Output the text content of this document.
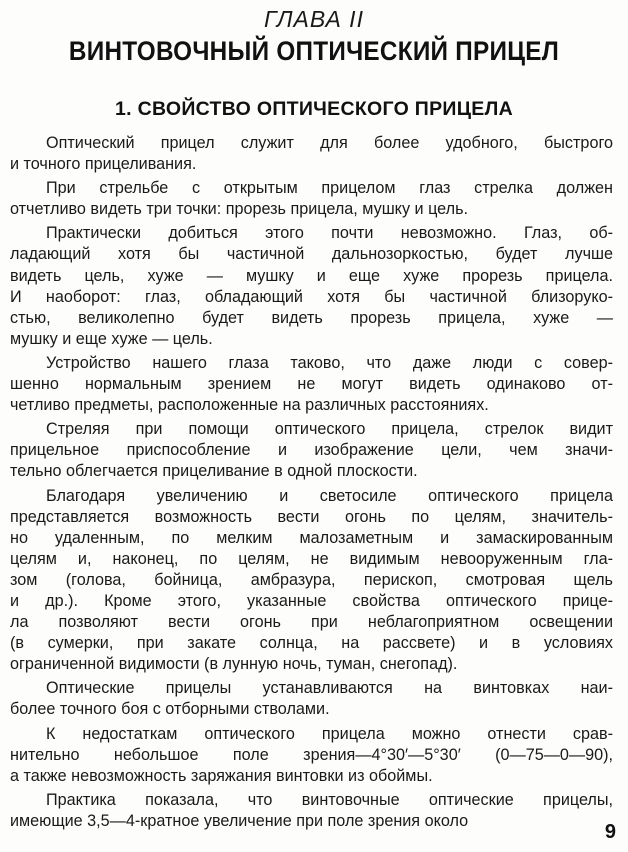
ГЛАВА II
ВИНТОВОЧНЫЙ ОПТИЧЕСКИЙ ПРИЦЕЛ
1. СВОЙСТВО ОПТИЧЕСКОГО ПРИЦЕЛА
Оптический прицел служит для более удобного, быстрого
и точного прицеливания.
При стрельбе с открытым прицелом глаз стрелка должен
отчетливо видеть три точки: прорезь прицела, мушку и цель.
Практически добиться этого почти невозможно. Глаз, об-
ладающий хотя бы частичной дальнозоркостью, будет лучше
видеть цель, хуже — мушку и еще хуже прорезь прицела.
И наоборот: глаз, обладающий хотя бы частичной близоруко-
стью, великолепно будет видеть прорезь прицела, хуже —
мушку и еще хуже — цель.
Устройство нашего глаза таково, что даже люди с совер-
шенно нормальным зрением не могут видеть одинаково от-
четливо предметы, расположенные на различных расстояниях.
Стреляя при помощи оптического прицела, стрелок видит
прицельное приспособление и изображение цели, чем значи-
тельно облегчается прицеливание в одной плоскости.
Благодаря увеличению и светосиле оптического прицела
представляется возможность вести огонь по целям, значитель-
но удаленным, по мелким малозаметным и замаскированным
целям и, наконец, по целям, не видимым невооруженным гла-
зом (голова, бойница, амбразура, перископ, смотровая щель
и др.). Кроме этого, указанные свойства оптического прице-
ла позволяют вести огонь при неблагоприятном освещении
(в сумерки, при закате солнца, на рассвете) и в условиях
ограниченной видимости (в лунную ночь, туман, снегопад).
Оптические прицелы устанавливаются на винтовках наи-
более точного боя с отборными стволами.
К недостаткам оптического прицела можно отнести срав-
нительно небольшое поле зрения—4°30′—5°30′ (0—75—0—90),
а также невозможность заряжания винтовки из обоймы.
Практика показала, что винтовочные оптические прицелы,
имеющие 3,5—4-кратное увеличение при поле зрения около
9
